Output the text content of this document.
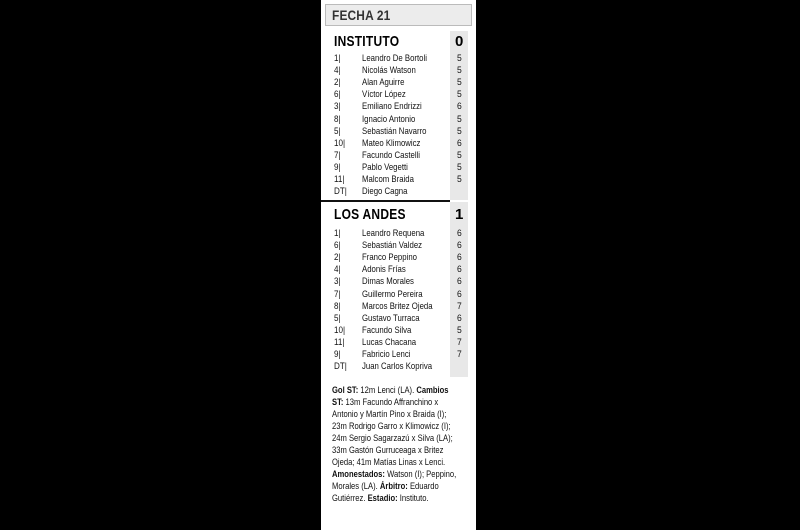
FECHA 21
INSTITUTO	0
1| Leandro De Bortoli	5
4| Nicolás Watson	5
2| Alan Aguirre	5
6| Víctor López	5
3| Emiliano Endrizzi	6
8| Ignacio Antonio	5
5| Sebastián Navarro	5
10| Mateo Klimowicz	6
7| Facundo Castelli	5
9| Pablo Vegetti	5
11| Malcom Braida	5
DT| Diego Cagna
LOS ANDES	1
1| Leandro Requena	6
6| Sebastián Valdez	6
2| Franco Peppino	6
4| Adonis Frías	6
3| Dimas Morales	6
7| Guillermo Pereira	6
8| Marcos Britez Ojeda	7
5| Gustavo Turraca	6
10| Facundo Silva	5
11| Lucas Chacana	7
9| Fabricio Lenci	7
DT| Juan Carlos Kopriva

Gol ST: 12m Lenci (LA). Cambios

ST: 13m Facundo Affranchino x

Antonio y Martín Pino x Braida (I);

23m Rodrigo Garro x Klimowicz (I);

24m Sergio Sagarzazú x Silva (LA);

33m Gastón Gurruceaga x Britez

Ojeda; 41m Matías Linas x Lenci.

Amonestados: Watson (I); Peppino,

Morales (LA). Árbitro: Eduardo

Gutiérrez. Estadio: Instituto.
